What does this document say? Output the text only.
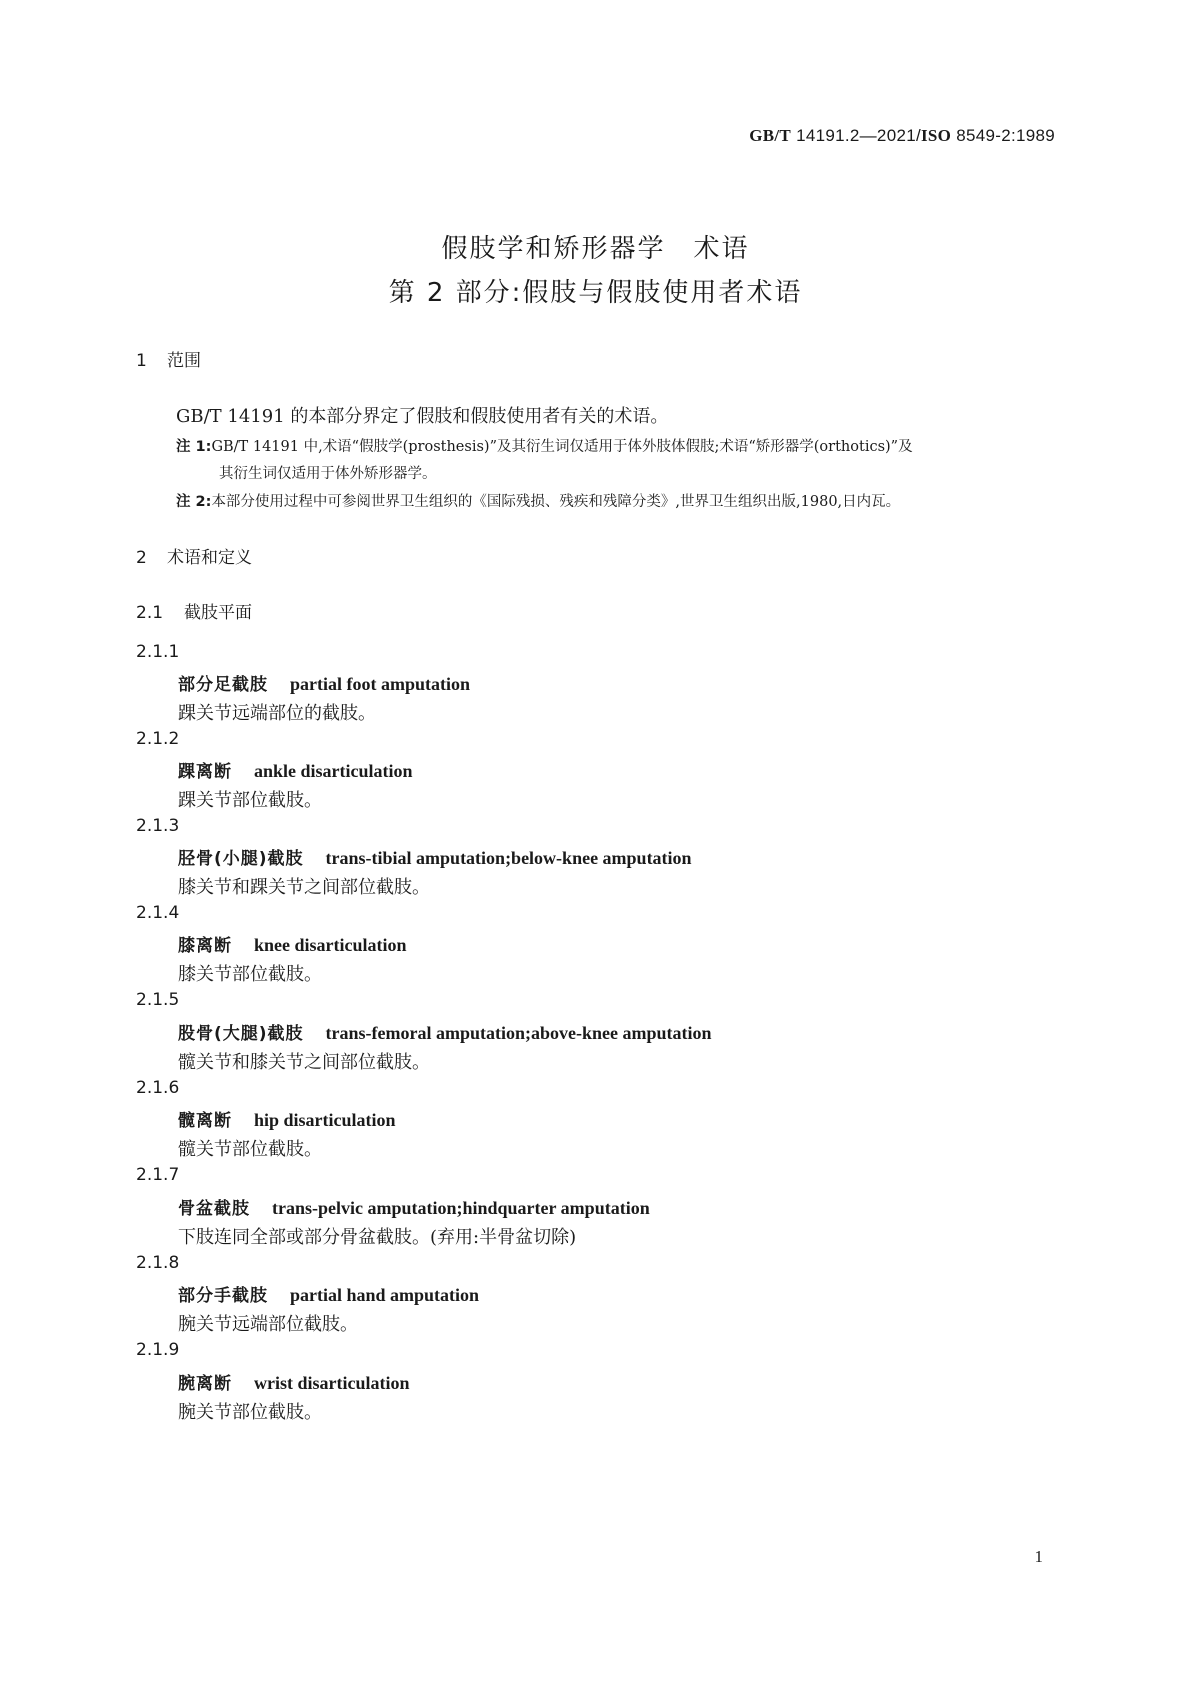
GB/T 14191.2—2021/ISO 8549-2:1989
假肢学和矫形器学　术语
第 2 部分:假肢与假肢使用者术语
1 范围
GB/T 14191 的本部分界定了假肢和假肢使用者有关的术语。
注 1:GB/T 14191 中,术语“假肢学(prosthesis)”及其衍生词仅适用于体外肢体假肢;术语“矫形器学(orthotics)”及
其衍生词仅适用于体外矫形器学。
注 2:本部分使用过程中可参阅世界卫生组织的《国际残损、残疾和残障分类》,世界卫生组织出版,1980,日内瓦。
2 术语和定义
2.1 截肢平面
2.1.1
部分足截肢 partial foot amputation
踝关节远端部位的截肢。
2.1.2
踝离断 ankle disarticulation
踝关节部位截肢。
2.1.3
胫骨(小腿)截肢 trans-tibial amputation;below-knee amputation
膝关节和踝关节之间部位截肢。
2.1.4
膝离断 knee disarticulation
膝关节部位截肢。
2.1.5
股骨(大腿)截肢 trans-femoral amputation;above-knee amputation
髋关节和膝关节之间部位截肢。
2.1.6
髋离断 hip disarticulation
髋关节部位截肢。
2.1.7
骨盆截肢 trans-pelvic amputation;hindquarter amputation
下肢连同全部或部分骨盆截肢。(弃用:半骨盆切除)
2.1.8
部分手截肢 partial hand amputation
腕关节远端部位截肢。
2.1.9
腕离断 wrist disarticulation
腕关节部位截肢。
1
